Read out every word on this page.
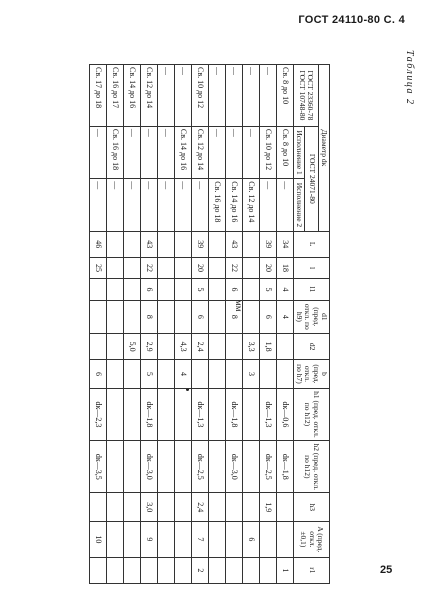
ГОСТ 24110-80 С. 4
Таблица 2
мм
Диаметр dк			L	l	l1	d1 (пред. откл. по h9)	d2	b (пред. откл. по h7)	h1 (пред. откл. по h12)	h2 (пред. откл. по h12)	h3	A (пред. откл. ±0,1)	r1
ГОСТ 23360-78 ГОСТ 10748-80	ГОСТ 24071-80												
	Исполнение 1	Исполнение 2											
Св. 8 до 10	Св. 8 до 10	—	34	18	4	4			dк—0,6	dк—1,8			1
—	Св. 10 до 12	—	39	20	5	6	1,8		dк—1,3	dк—2,5	1,9		
—	—	Св. 12 до 14					3,3	3				6	
—	—	Св. 14 до 16	43	22	6	8			dк—1,8	dк—3,0			
—	—	Св. 16 до 18											
Св. 10 до 12	Св. 12 до 14	—	39	20	5	6	2,4		dк—1,3	dк—2,5	2,4	7	2
—	Св. 14 до 16	—					4,3	4					
—	—	—											
Св. 12 до 14	—	—	43	22	6	8	2,9	5	dк—1,8	dк—3,0	3,0	9	
Св. 14 до 16	—	—					5,0						
Св. 16 до 17	Св. 16 до 18	—											
Св. 17 до 18	—	—	46	25				6	dк—2,3	dк—3,5		10	
25
